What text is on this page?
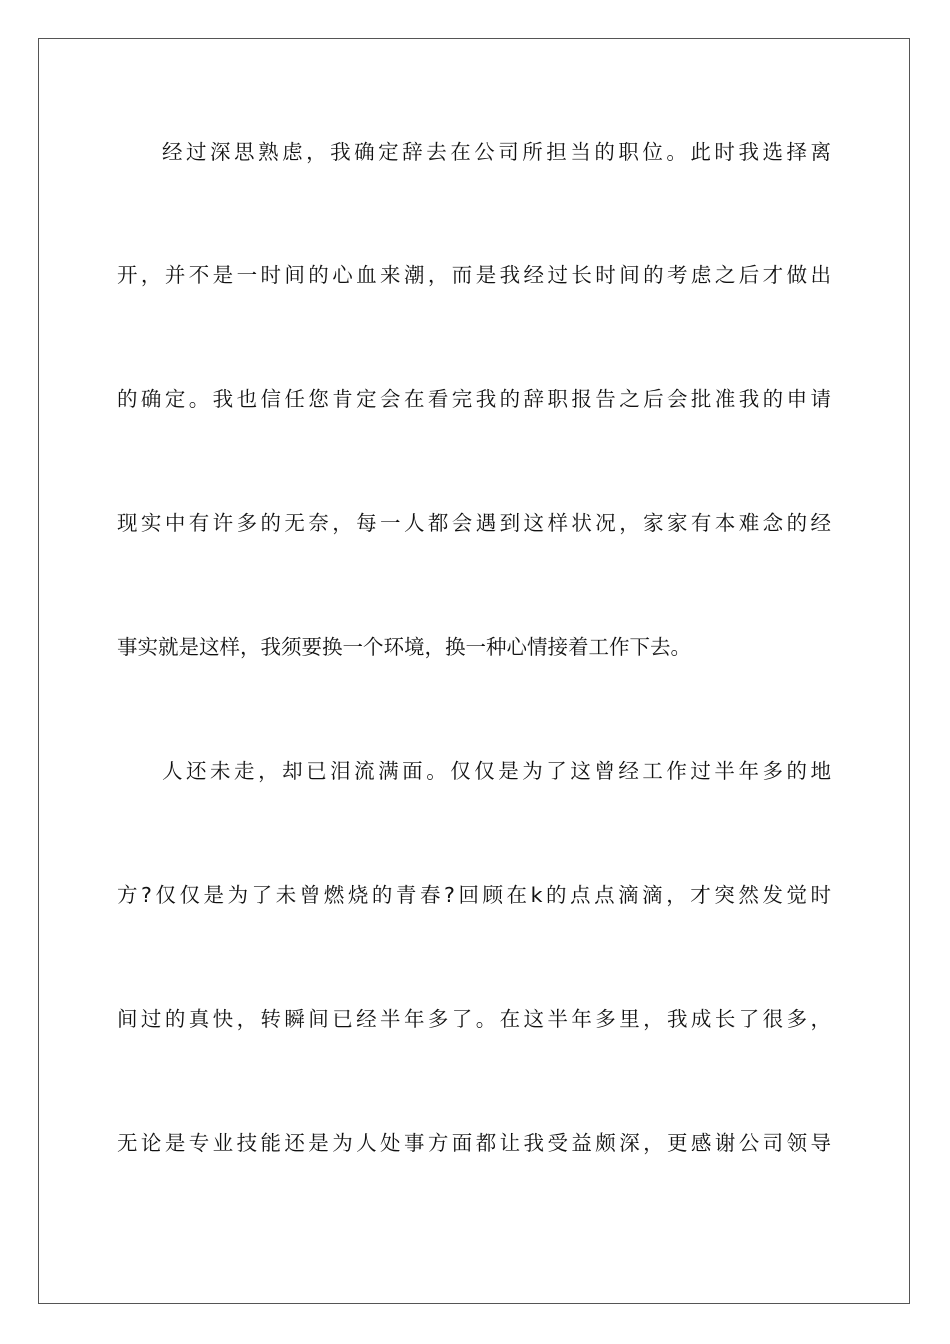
经过深思熟虑，我确定辞去在公司所担当的职位。此时我选择离

开，并不是一时间的心血来潮，而是我经过长时间的考虑之后才做出

的确定。我也信任您肯定会在看完我的辞职报告之后会批准我的申请

现实中有许多的无奈，每一人都会遇到这样状况，家家有本难念的经

事实就是这样，我须要换一个环境，换一种心情接着工作下去。

人还未走，却已泪流满面。仅仅是为了这曾经工作过半年多的地

方?仅仅是为了未曾燃烧的青春?回顾在k的点点滴滴，才突然发觉时

间过的真快，转瞬间已经半年多了。在这半年多里，我成长了很多，

无论是专业技能还是为人处事方面都让我受益颇深，更感谢公司领导
